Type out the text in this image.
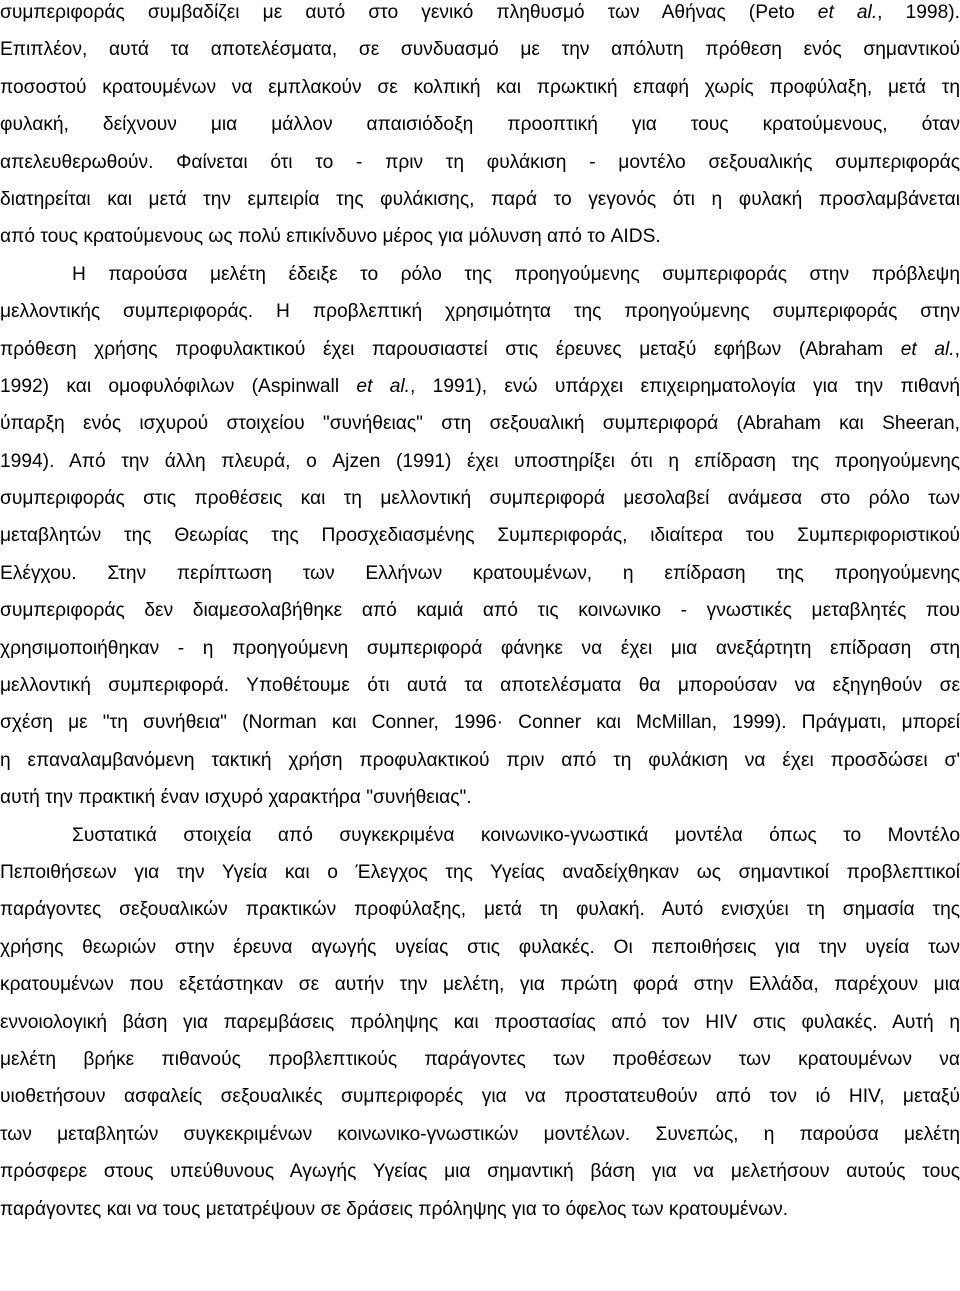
συμπεριφοράς συμβαδίζει με αυτό στο γενικό πληθυσμό των Αθήνας (Peto et al., 1998).
Επιπλέον, αυτά τα αποτελέσματα, σε συνδυασμό με την απόλυτη πρόθεση ενός σημαντικού
ποσοστού κρατουμένων να εμπλακούν σε κολπική και πρωκτική επαφή χωρίς προφύλαξη, μετά τη
φυλακή, δείχνουν μια μάλλον απαισιόδοξη προοπτική για τους κρατούμενους, όταν
απελευθερωθούν. Φαίνεται ότι το - πριν τη φυλάκιση - μοντέλο σεξουαλικής συμπεριφοράς
διατηρείται και μετά την εμπειρία της φυλάκισης, παρά το γεγονός ότι η φυλακή προσλαμβάνεται
από τους κρατούμενους ως πολύ επικίνδυνο μέρος για μόλυνση από το AIDS.
Η παρούσα μελέτη έδειξε το ρόλο της προηγούμενης συμπεριφοράς στην πρόβλεψη
μελλοντικής συμπεριφοράς. Η προβλεπτική χρησιμότητα της προηγούμενης συμπεριφοράς στην
πρόθεση χρήσης προφυλακτικού έχει παρουσιαστεί στις έρευνες μεταξύ εφήβων (Abraham et al.,
1992) και ομοφυλόφιλων (Aspinwall et al., 1991), ενώ υπάρχει επιχειρηματολογία για την πιθανή
ύπαρξη ενός ισχυρού στοιχείου "συνήθειας" στη σεξουαλική συμπεριφορά (Abraham και Sheeran,
1994). Από την άλλη πλευρά, ο Ajzen (1991) έχει υποστηρίξει ότι η επίδραση της προηγούμενης
συμπεριφοράς στις προθέσεις και τη μελλοντική συμπεριφορά μεσολαβεί ανάμεσα στο ρόλο των
μεταβλητών της Θεωρίας της Προσχεδιασμένης Συμπεριφοράς, ιδιαίτερα του Συμπεριφοριστικού
Ελέγχου. Στην περίπτωση των Ελλήνων κρατουμένων, η επίδραση της προηγούμενης
συμπεριφοράς δεν διαμεσολαβήθηκε από καμιά από τις κοινωνικο - γνωστικές μεταβλητές που
χρησιμοποιήθηκαν - η προηγούμενη συμπεριφορά φάνηκε να έχει μια ανεξάρτητη επίδραση στη
μελλοντική συμπεριφορά. Υποθέτουμε ότι αυτά τα αποτελέσματα θα μπορούσαν να εξηγηθούν σε
σχέση με "τη συνήθεια" (Norman και Conner, 1996· Conner και McMillan, 1999). Πράγματι, μπορεί
η επαναλαμβανόμενη τακτική χρήση προφυλακτικού πριν από τη φυλάκιση να έχει προσδώσει σ'
αυτή την πρακτική έναν ισχυρό χαρακτήρα "συνήθειας".
Συστατικά στοιχεία από συγκεκριμένα κοινωνικο-γνωστικά μοντέλα όπως το Μοντέλο
Πεποιθήσεων για την Υγεία και ο Έλεγχος της Υγείας αναδείχθηκαν ως σημαντικοί προβλεπτικοί
παράγοντες σεξουαλικών πρακτικών προφύλαξης, μετά τη φυλακή. Αυτό ενισχύει τη σημασία της
χρήσης θεωριών στην έρευνα αγωγής υγείας στις φυλακές. Οι πεποιθήσεις για την υγεία των
κρατουμένων που εξετάστηκαν σε αυτήν την μελέτη, για πρώτη φορά στην Ελλάδα, παρέχουν μια
εννοιολογική βάση για παρεμβάσεις πρόληψης και προστασίας από τον HIV στις φυλακές. Αυτή η
μελέτη βρήκε πιθανούς προβλεπτικούς παράγοντες των προθέσεων των κρατουμένων να
υιοθετήσουν ασφαλείς σεξουαλικές συμπεριφορές για να προστατευθούν από τον ιό HIV, μεταξύ
των μεταβλητών συγκεκριμένων κοινωνικο-γνωστικών μοντέλων. Συνεπώς, η παρούσα μελέτη
πρόσφερε στους υπεύθυνους Αγωγής Υγείας μια σημαντική βάση για να μελετήσουν αυτούς τους
παράγοντες και να τους μετατρέψουν σε δράσεις πρόληψης για το όφελος των κρατουμένων.
